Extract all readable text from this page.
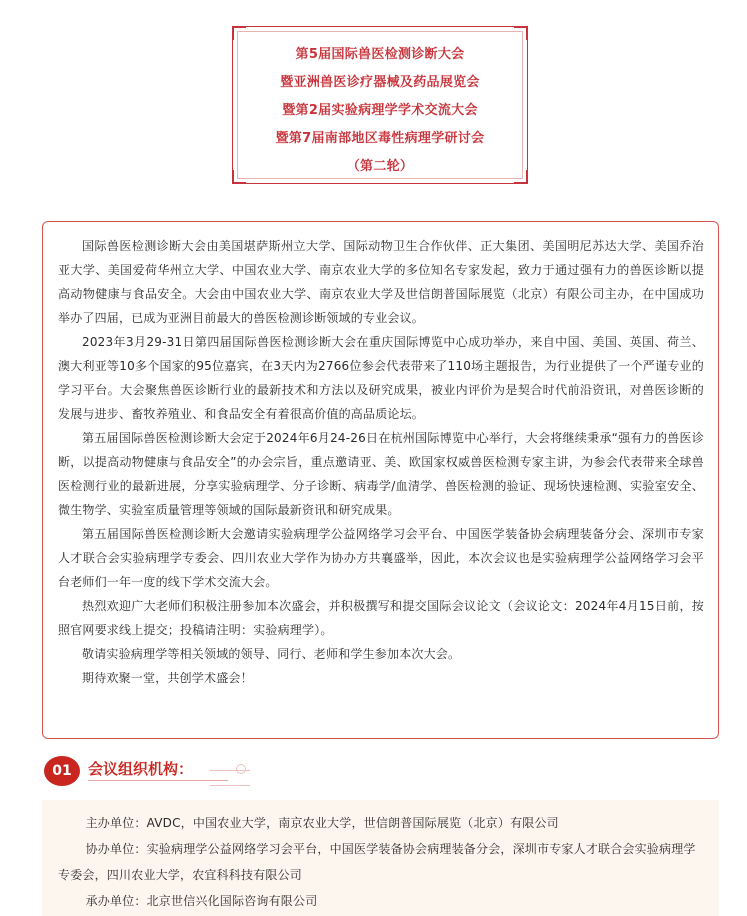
第5届国际兽医检测诊断大会
暨亚洲兽医诊疗器械及药品展览会
暨第2届实验病理学学术交流大会
暨第7届南部地区毒性病理学研讨会
（第二轮）

国际兽医检测诊断大会由美国堪萨斯州立大学、国际动物卫生合作伙伴、正大集团、美国明尼苏达大学、美国乔治亚大学、美国爱荷华州立大学、中国农业大学、南京农业大学的多位知名专家发起，致力于通过强有力的兽医诊断以提高动物健康与食品安全。大会由中国农业大学、南京农业大学及世信朗普国际展览（北京）有限公司主办，在中国成功举办了四届，已成为亚洲目前最大的兽医检测诊断领域的专业会议。

2023年3月29-31日第四届国际兽医检测诊断大会在重庆国际博览中心成功举办，来自中国、美国、英国、荷兰、澳大利亚等10多个国家的95位嘉宾，在3天内为2766位参会代表带来了110场主题报告，为行业提供了一个严谨专业的学习平台。大会聚焦兽医诊断行业的最新技术和方法以及研究成果，被业内评价为是契合时代前沿资讯，对兽医诊断的发展与进步、畜牧养殖业、和食品安全有着很高价值的高品质论坛。

第五届国际兽医检测诊断大会定于2024年6月24-26日在杭州国际博览中心举行，大会将继续秉承“强有力的兽医诊断，以提高动物健康与食品安全”的办会宗旨，重点邀请亚、美、欧国家权威兽医检测专家主讲，为参会代表带来全球兽医检测行业的最新进展，分享实验病理学、分子诊断、病毒学/血清学、兽医检测的验证、现场快速检测、实验室安全、微生物学、实验室质量管理等领域的国际最新资讯和研究成果。

第五届国际兽医检测诊断大会邀请实验病理学公益网络学习会平台、中国医学装备协会病理装备分会、深圳市专家人才联合会实验病理学专委会、四川农业大学作为协办方共襄盛举，因此，本次会议也是实验病理学公益网络学习会平台老师们一年一度的线下学术交流大会。

热烈欢迎广大老师们积极注册参加本次盛会，并积极撰写和提交国际会议论文（会议论文：2024年4月15日前，按照官网要求线上提交；投稿请注明：实验病理学）。

敬请实验病理学等相关领域的领导、同行、老师和学生参加本次大会。

期待欢聚一堂，共创学术盛会！

01	会议组织机构：
主办单位：AVDC，中国农业大学，南京农业大学，世信朗普国际展览（北京）有限公司
协办单位：实验病理学公益网络学习会平台，中国医学装备协会病理装备分会，深圳市专家人才联合会实验病理学专委会，四川农业大学，农宜科科技有限公司
承办单位：北京世信兴化国际咨询有限公司
